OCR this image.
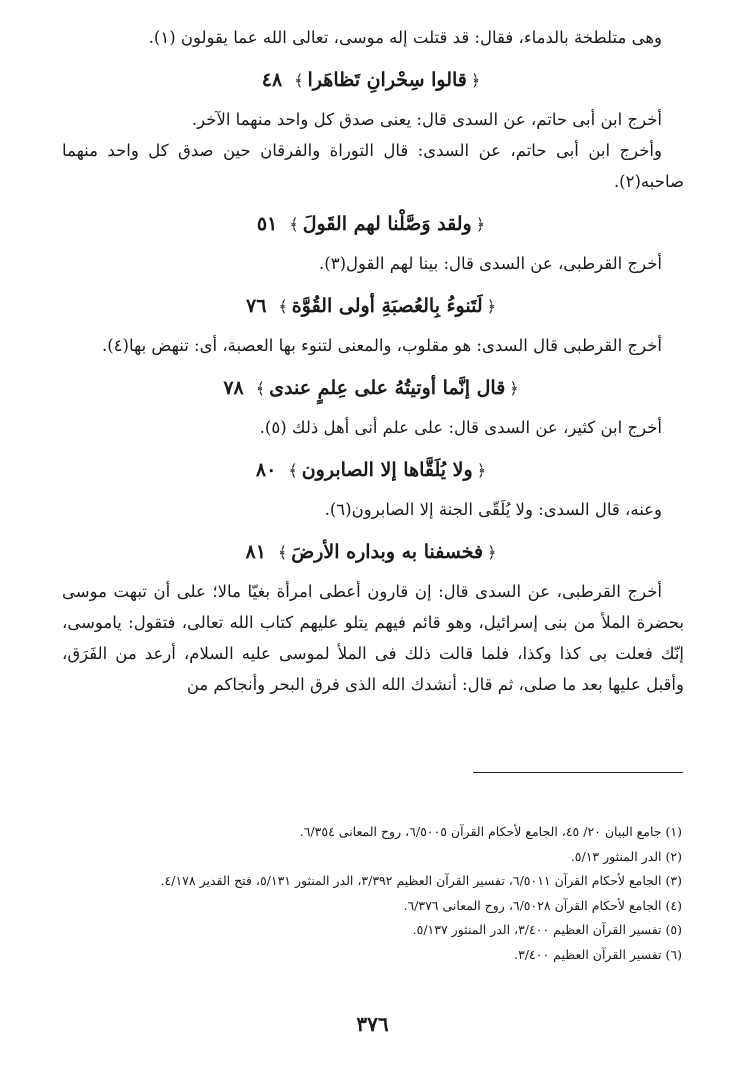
وهى متلطخة بالدماء، فقال: قد قتلت إله موسى، تعالى الله عما يقولون (١).

﴿قالوا سِحْرانِ تَظاهَرا﴾٤٨

أخرج ابن أبى حاتم، عن السدى قال: يعنى صدق كل واحد منهما الآخر.

وأخرج ابن أبى حاتم، عن السدى: قال التوراة والفرقان حين صدق كل واحد منهما صاحبه(٢).

﴿ولقد وَصَّلْنا لهم القَولَ﴾٥١

أخرج القرطبى، عن السدى قال: بينا لهم القول(٣).

﴿لَتَنوءُ بِالعُصبَةِ أولى القُوَّة﴾٧٦

أخرج القرطبى قال السدى: هو مقلوب، والمعنى لتنوء بها العصبة، أى: تنهض بها(٤).

﴿قال إنَّما أوتيتُهُ على عِلمٍ عندى﴾٧٨

أخرج ابن كثير، عن السدى قال: على علم أنى أهل ذلك (٥).

﴿ولا يُلَقَّاها إلا الصابرون﴾٨٠

وعنه، قال السدى: ولا يُلَقّى الجنة إلا الصابرون(٦).

﴿فخسفنا به وبداره الأرضَ﴾٨١

أخرج القرطبى، عن السدى قال: إن قارون أعطى امرأة بغيّا مالا؛ على أن تبهت موسى بحضرة الملأ من بنى إسرائيل، وهو قائم فيهم يتلو عليهم كتاب الله تعالى، فتقول: ياموسى، إنّك فعلت بى كذا وكذا، فلما قالت ذلك فى الملأ لموسى عليه السلام، أرعد من الفَرَق، وأقبل عليها بعد ما صلى، ثم قال: أنشدك الله الذى فرق البحر وأنجاكم من

(١) جامع البيان ٢٠/ ٤٥، الجامع لأحكام القرآن ٦/٥٠٠٥، روح المعانى ٦/٣٥٤.

(٢) الدر المنثور ٥/١٣.

(٣) الجامع لأحكام القرآن ٦/٥٠١١، تفسير القرآن العظيم ٣/٣٩٢، الدر المنثور ٥/١٣١، فتح القدير ٤/١٧٨.

(٤) الجامع لأحكام القرآن ٦/٥٠٢٨، روح المعانى ٦/٣٧٦.

(٥) تفسير القرآن العظيم ٣/٤٠٠، الدر المنثور ٥/١٣٧.

(٦) تفسير القرآن العظيم ٣/٤٠٠.

٣٧٦
